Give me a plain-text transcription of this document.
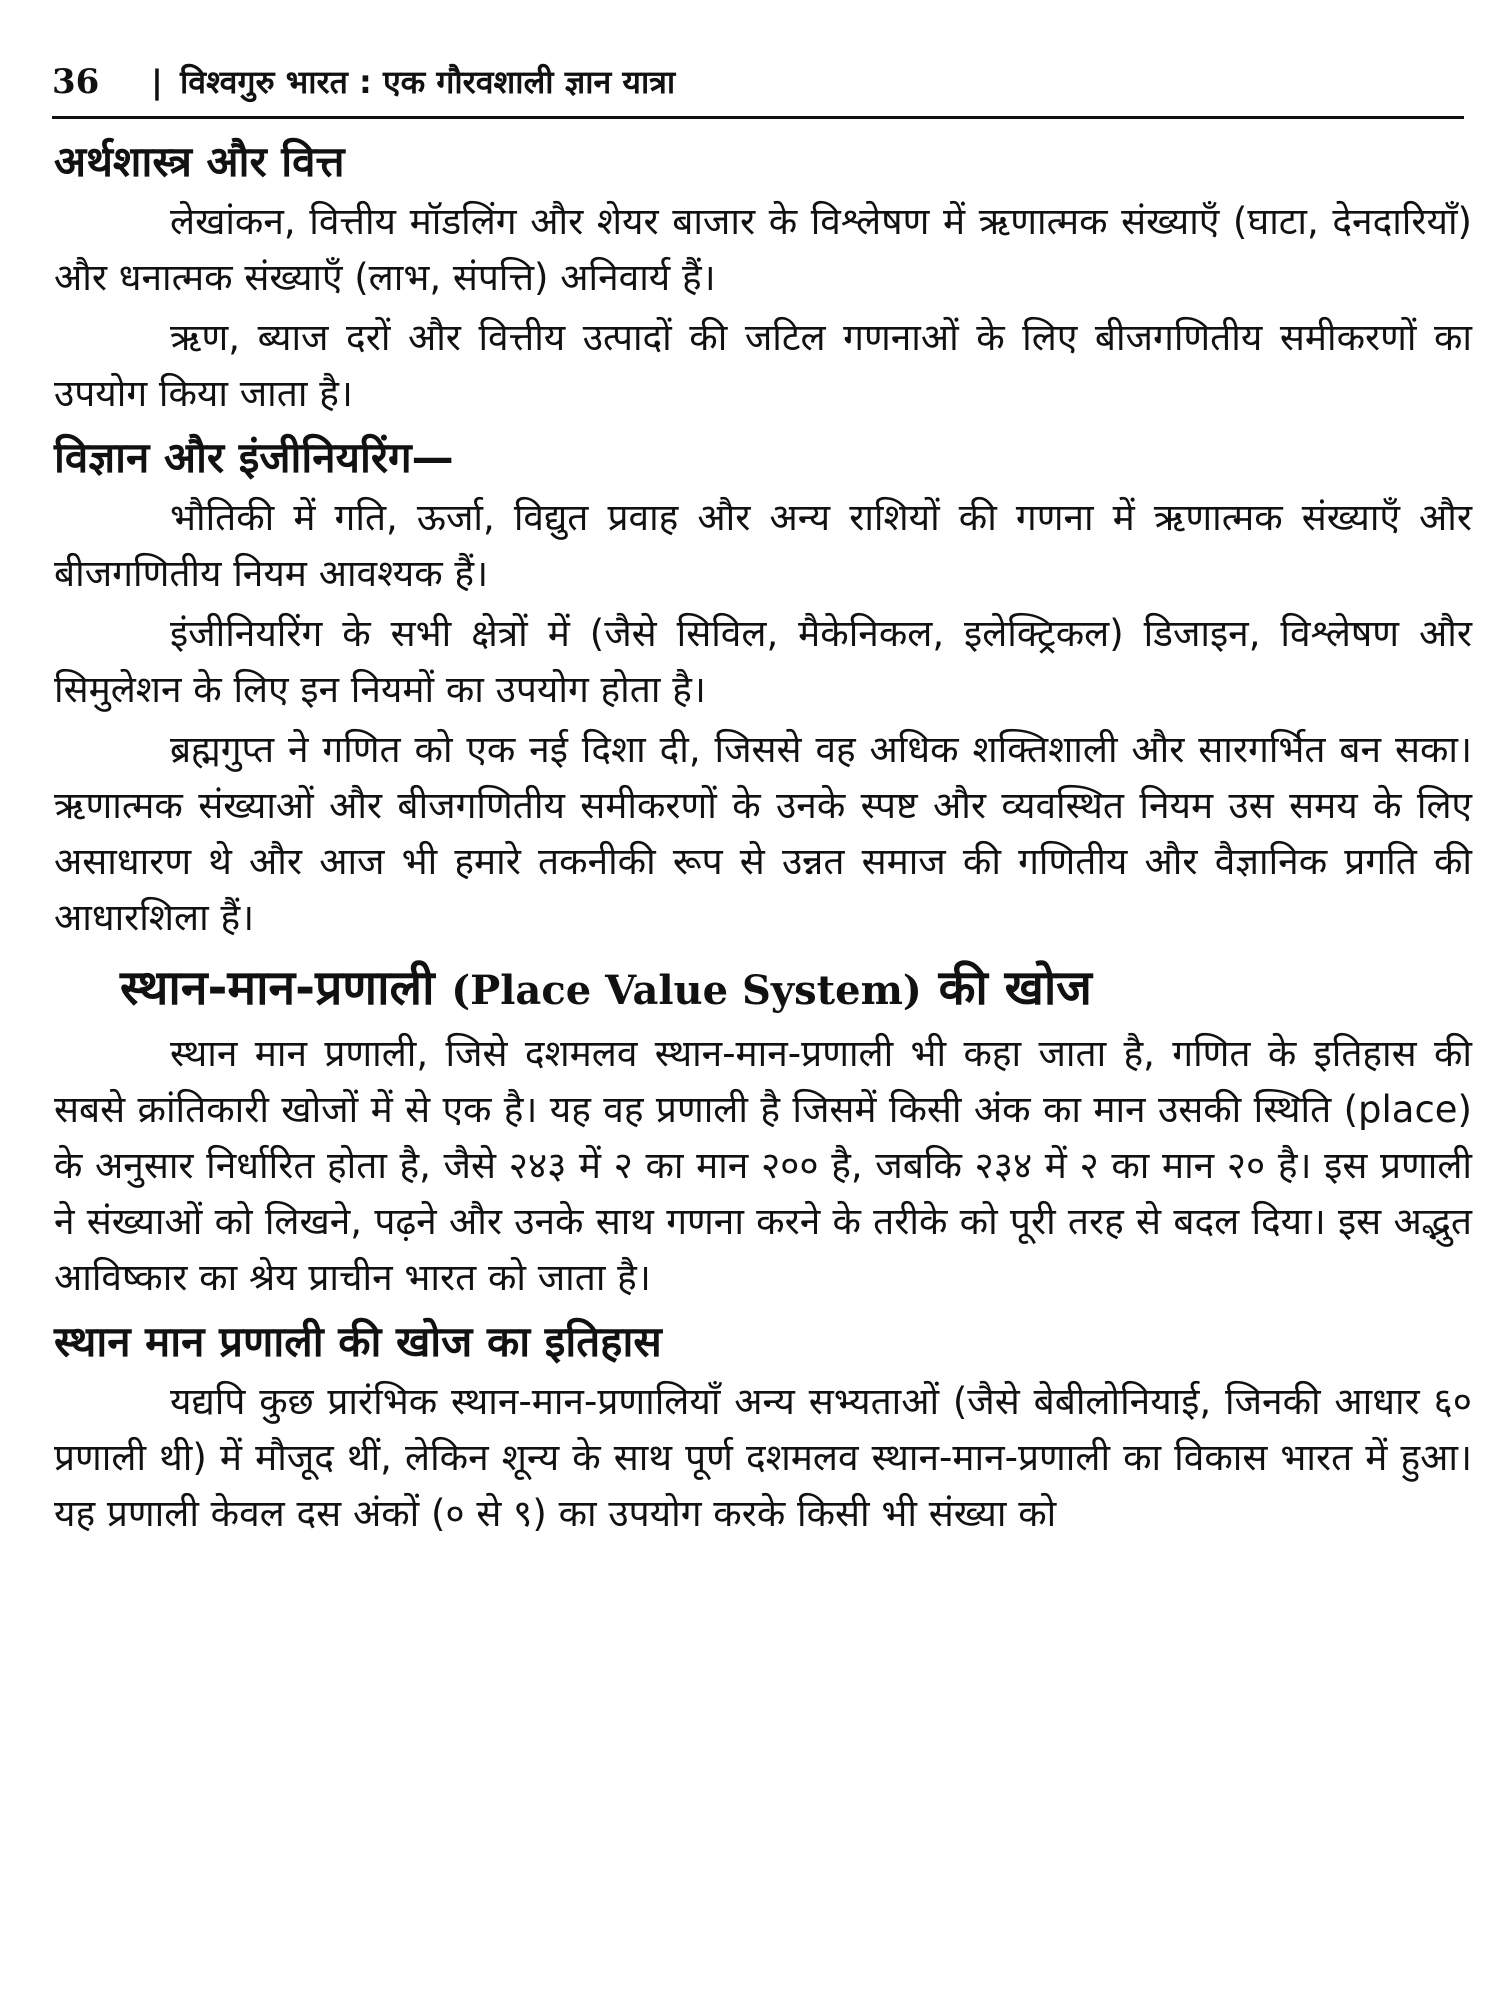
36	| विश्वगुरु भारत : एक गौरवशाली ज्ञान यात्रा
अर्थशास्त्र और वित्त

लेखांकन, वित्तीय मॉडलिंग और शेयर बाजार के विश्लेषण में ऋणात्मक संख्याएँ (घाटा, देनदारियाँ) और धनात्मक संख्याएँ (लाभ, संपत्ति) अनिवार्य हैं।

ऋण, ब्याज दरों और वित्तीय उत्पादों की जटिल गणनाओं के लिए बीजगणितीय समीकरणों का उपयोग किया जाता है।

विज्ञान और इंजीनियरिंग—

भौतिकी में गति, ऊर्जा, विद्युत प्रवाह और अन्य राशियों की गणना में ऋणात्मक संख्याएँ और बीजगणितीय नियम आवश्यक हैं।

इंजीनियरिंग के सभी क्षेत्रों में (जैसे सिविल, मैकेनिकल, इलेक्ट्रिकल) डिजाइन, विश्लेषण और सिमुलेशन के लिए इन नियमों का उपयोग होता है।

ब्रह्मगुप्त ने गणित को एक नई दिशा दी, जिससे वह अधिक शक्तिशाली और सारगर्भित बन सका। ऋणात्मक संख्याओं और बीजगणितीय समीकरणों के उनके स्पष्ट और व्यवस्थित नियम उस समय के लिए असाधारण थे और आज भी हमारे तकनीकी रूप से उन्नत समाज की गणितीय और वैज्ञानिक प्रगति की आधारशिला हैं।

स्थान-मान-प्रणाली (Place Value System) की खोज

स्थान मान प्रणाली, जिसे दशमलव स्थान-मान-प्रणाली भी कहा जाता है, गणित के इतिहास की सबसे क्रांतिकारी खोजों में से एक है। यह वह प्रणाली है जिसमें किसी अंक का मान उसकी स्थिति (place) के अनुसार निर्धारित होता है, जैसे २४३ में २ का मान २०० है, जबकि २३४ में २ का मान २० है। इस प्रणाली ने संख्याओं को लिखने, पढ़ने और उनके साथ गणना करने के तरीके को पूरी तरह से बदल दिया। इस अद्भुत आविष्कार का श्रेय प्राचीन भारत को जाता है।

स्थान मान प्रणाली की खोज का इतिहास

यद्यपि कुछ प्रारंभिक स्थान-मान-प्रणालियाँ अन्य सभ्यताओं (जैसे बेबीलोनियाई, जिनकी आधार ६० प्रणाली थी) में मौजूद थीं, लेकिन शून्य के साथ पूर्ण दशमलव स्थान-मान-प्रणाली का विकास भारत में हुआ। यह प्रणाली केवल दस अंकों (० से ९) का उपयोग करके किसी भी संख्या को
